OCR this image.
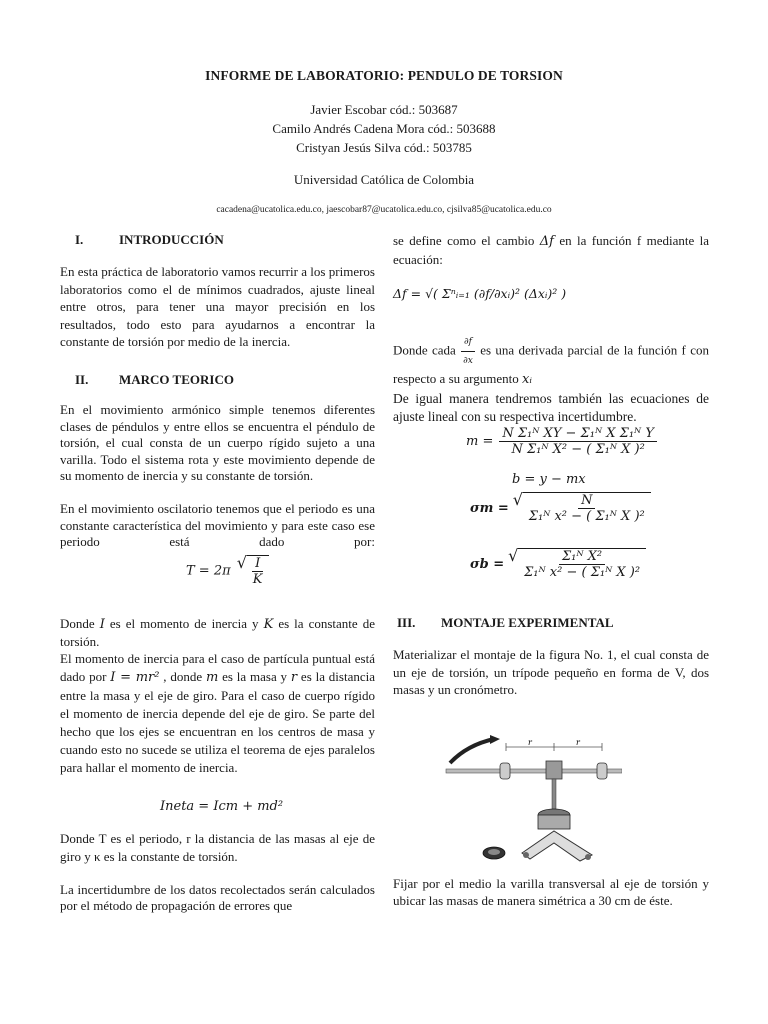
INFORME DE LABORATORIO: PENDULO DE TORSION
Javier Escobar cód.: 503687
Camilo Andrés Cadena Mora cód.: 503688
Cristyan Jesús Silva cód.: 503785
Universidad Católica de Colombia
cacadena@ucatolica.edu.co, jaescobar87@ucatolica.edu.co, cjsilva85@ucatolica.edu.co
I.	INTRODUCCIÓN
En esta práctica de laboratorio vamos recurrir a los primeros laboratorios como el de mínimos cuadrados, ajuste lineal entre otros, para tener una mayor precisión en los resultados, todo esto para ayudarnos a encontrar la constante de torsión por medio de la inercia.
II. MARCO TEORICO
En el movimiento armónico simple tenemos diferentes clases de péndulos y entre ellos se encuentra el péndulo de torsión, el cual consta de un cuerpo rígido sujeto a una varilla. Todo el sistema rota y este movimiento depende de su momento de inercia y su constante de torsión.
En el movimiento oscilatorio tenemos que el periodo es una constante característica del movimiento y para este caso ese periodo está dado por:
T = 2π √ $\frac{I}{K}$
Donde I es el momento de inercia y K es la constante de torsión.
El momento de inercia para el caso de partícula puntual está dado por I = mr² , donde m es la masa y r es la distancia entre la masa y el eje de giro. Para el caso de cuerpo rígido el momento de inercia depende del eje de giro. Se parte del hecho que los ejes se encuentran en los centros de masa y cuando esto no sucede se utiliza el teorema de ejes paralelos para hallar el momento de inercia.
Ineta = Icm + md²
Donde T es el periodo, r la distancia de las masas al eje de giro y κ es la constante de torsión.
La incertidumbre de los datos recolectados serán calculados por el método de propagación de errores que
se define como el cambio Δf en la función f mediante la ecuación:
Δf = √( Σⁿᵢ₌₁ (∂f/∂xᵢ)² (Δxᵢ)² )
Donde cada $\frac{\partial f}{\partial x}$ es una derivada parcial de la función f con respecto a su argumento xᵢ
De igual manera tendremos también las ecuaciones de ajuste lineal con su respectiva incertidumbre.
$m = \frac{\text{N Σ₁ᴺ XY − Σ₁ᴺ X Σ₁ᴺ Y}}{\text{N Σ₁ᴺ X² − ( Σ₁ᴺ X )²}}$
b = y − mx
σm = √ $\frac{N}{\text{Σ₁ᴺ x² − ( Σ₁ᴺ X )²}}$
σb = √ $\frac{\text{Σ₁ᴺ X²}}{\text{Σ₁ᴺ x² − ( Σ₁ᴺ X )²}}$
III. MONTAJE EXPERIMENTAL
Materializar el montaje de la figura No. 1, el cual consta de un eje de torsión, un trípode pequeño en forma de V, dos masas y un cronómetro.
r	r
Fijar por el medio la varilla transversal al eje de torsión y ubicar las masas de manera simétrica a 30 cm de éste.
